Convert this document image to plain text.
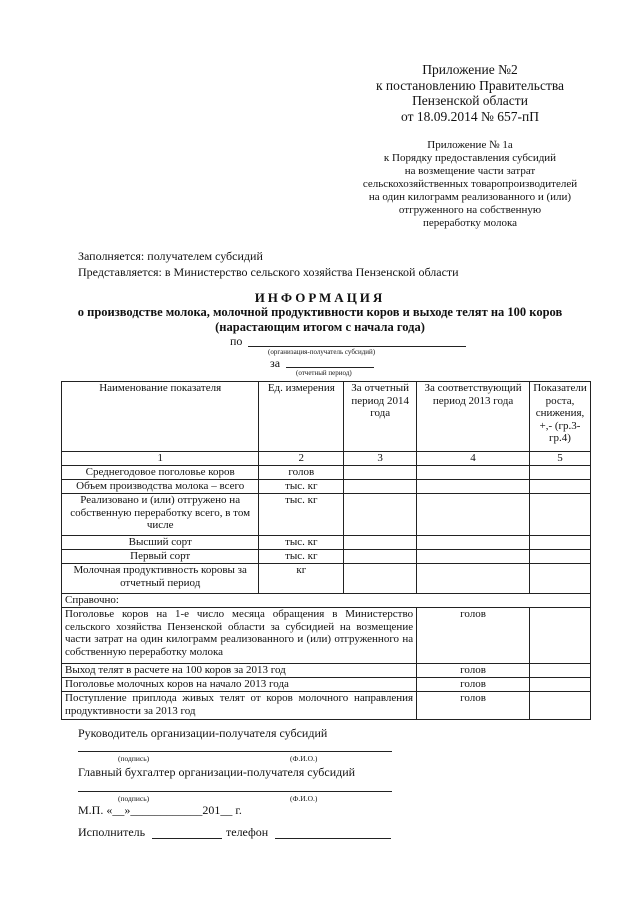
Приложение №2
к постановлению Правительства
Пензенской области
от 18.09.2014 № 657-пП
Приложение № 1а
к Порядку предоставления субсидий
на возмещение части затрат
сельскохозяйственных товаропроизводителей
на один килограмм реализованного и (или)
отгруженного на собственную
переработку молока
Заполняется: получателем субсидий
Представляется: в Министерство сельского хозяйства Пензенской области
ИНФОРМАЦИЯ
о производстве молока, молочной продуктивности коров и выходе телят на 100 коров
(нарастающим итогом с начала года)
по
(организация-получатель субсидий)
за
(отчетный период)
Наименование показателя	Ед. измерения	За отчетный период 2014 года	За соответствующий период 2013 года	Показатели роста, снижения, +,- (гр.3-гр.4)
1	2	3	4	5
Среднегодовое поголовье коров	голов			
Объем производства молока – всего	тыс. кг			
Реализовано и (или) отгружено на собственную переработку всего, в том числе	тыс. кг			
Высший сорт	тыс. кг			
Первый сорт	тыс. кг			
Молочная продуктивность коровы за отчетный период	кг			
Справочно:				
Поголовье коров на 1-е число месяца обращения в Министерство сельского хозяйства Пензенской области за субсидией на возмещение части затрат на один килограмм реализованного и (или) отгруженного на собственную переработку молока			голов	
Выход телят в расчете на 100 коров за 2013 год			голов	
Поголовье молочных коров на начало 2013 года			голов	
Поступление приплода живых телят от коров молочного направления продуктивности за 2013 год			голов	
Руководитель организации-получателя субсидий
(подпись)	(Ф.И.О.)
Главный бухгалтер организации-получателя субсидий
(подпись)	(Ф.И.О.)
М.П. «__»____________201__ г.
Исполнитель	телефон
